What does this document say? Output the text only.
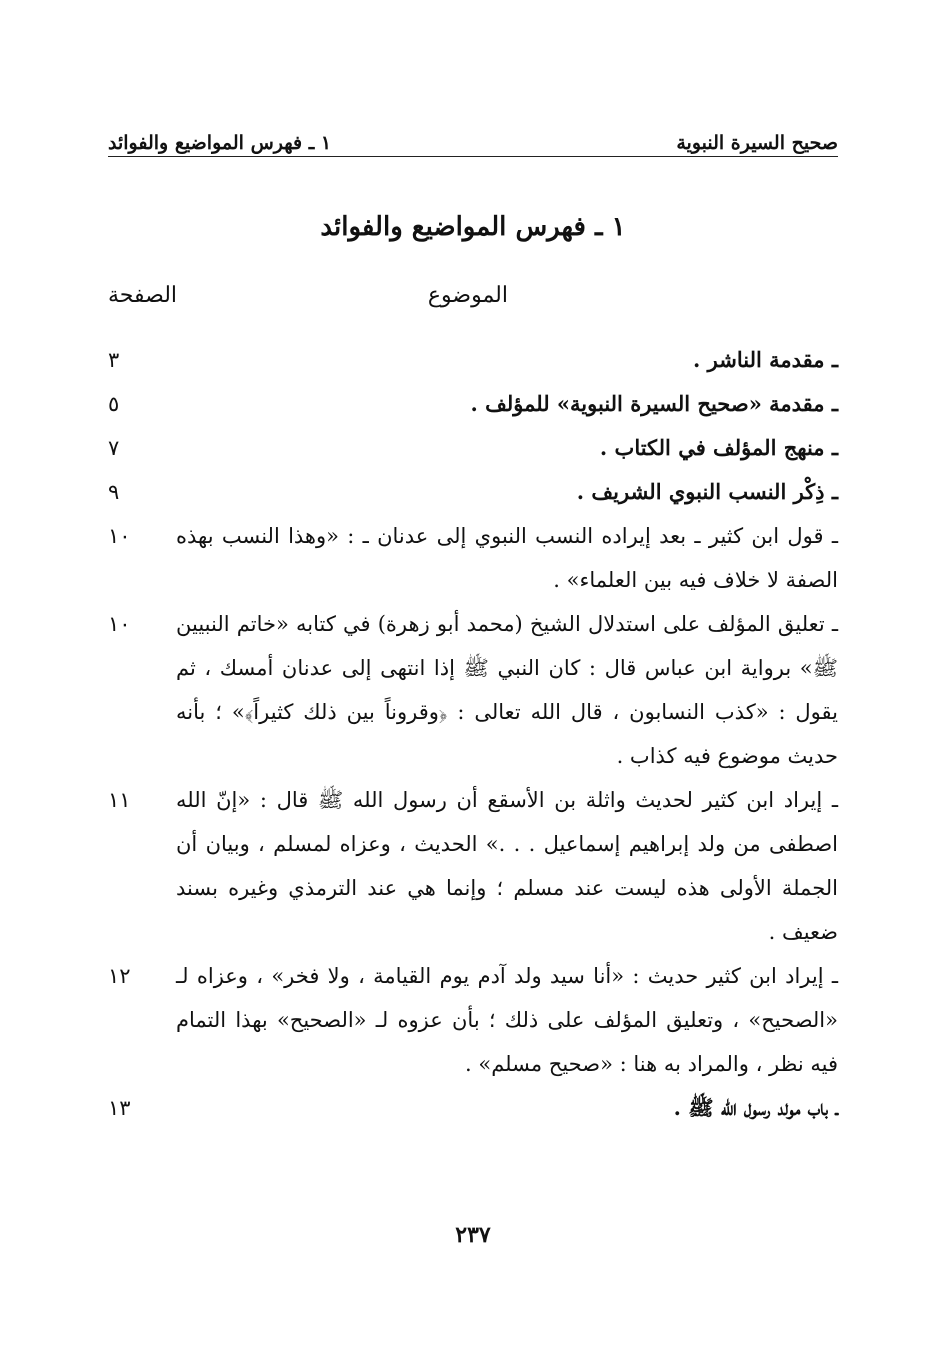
صحيح السيرة النبوية
١ ـ فهرس المواضيع والفوائد
١ ـ فهرس المواضيع والفوائد
الموضوع
الصفحة
ـ مقدمة الناشر .
٣
ـ مقدمة «صحيح السيرة النبوية» للمؤلف .
٥
ـ منهج المؤلف في الكتاب .
٧
ـ ذِكْر النسب النبوي الشريف .
٩
ـ قول ابن كثير ـ بعد إيراده النسب النبوي إلى عدنان ـ : «وهذا النسب بهذه الصفة لا خلاف فيه بين العلماء» .
١٠
ـ تعليق المؤلف على استدلال الشيخ (محمد أبو زهرة) في كتابه «خاتم النبيين ﷺ» برواية ابن عباس قال : كان النبي ﷺ إذا انتهى إلى عدنان أمسك ، ثم يقول : «كذب النسابون ، قال الله تعالى : ﴿وقروناً بين ذلك كثيراً﴾» ؛ بأنه حديث موضوع فيه كذاب .
١٠
ـ إيراد ابن كثير لحديث واثلة بن الأسقع أن رسول الله ﷺ قال : «إنّ الله اصطفى من ولد إبراهيم إسماعيل . . .» الحديث ، وعزاه لمسلم ، وبيان أن الجملة الأولى هذه ليست عند مسلم ؛ وإنما هي عند الترمذي وغيره بسند ضعيف .
١١
ـ إيراد ابن كثير حديث : «أنا سيد ولد آدم يوم القيامة ، ولا فخر» ، وعزاه لـ «الصحيح» ، وتعليق المؤلف على ذلك ؛ بأن عزوه لـ «الصحيح» بهذا التمام فيه نظر ، والمراد به هنا : «صحيح مسلم» .
١٢
ـ باب مولد رسول الله ﷺ .
١٣
٢٣٧
